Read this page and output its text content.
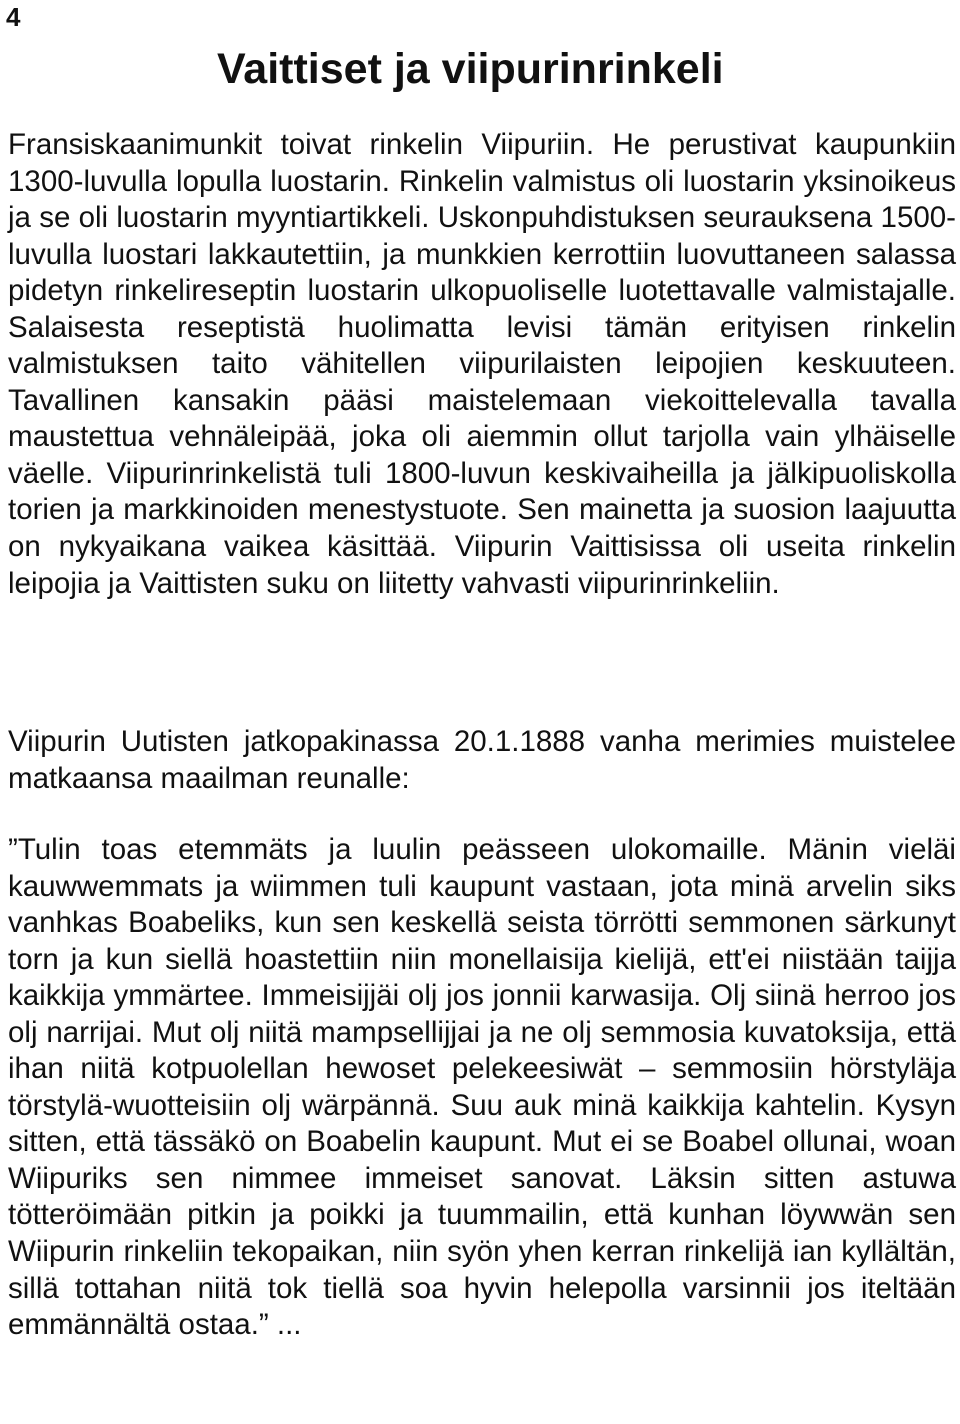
4
Vaittiset ja viipurinrinkeli

Fransiskaanimunkit toivat rinkelin Viipuriin. He perustivat kaupunkiin 1300-luvulla lopulla luostarin. Rinkelin valmistus oli luostarin yksinoikeus ja se oli luostarin myyntiartikkeli. Uskonpuhdistuksen seurauksena 1500-luvulla luostari lakkautettiin, ja munkkien kerrottiin luovuttaneen salassa pidetyn rinkelireseptin luostarin ulkopuoliselle luotettavalle valmistajalle. Salaisesta reseptistä huolimatta levisi tämän erityisen rinkelin valmistuksen taito vähitellen viipurilaisten leipojien keskuuteen. Tavallinen kansakin pääsi maistelemaan viekoittelevalla tavalla maustettua vehnäleipää, joka oli aiemmin ollut tarjolla vain ylhäiselle väelle. Viipurinrinkelistä tuli 1800-luvun keskivaiheilla ja jälkipuoliskolla torien ja markkinoiden menestystuote. Sen mainetta ja suosion laajuutta on nykyaikana vaikea käsittää. Viipurin Vaittisissa oli useita rinkelin leipojia ja Vaittisten suku on liitetty vahvasti viipurinrinkeliin.

Viipurin Uutisten jatkopakinassa 20.1.1888 vanha merimies muistelee matkaansa maailman reunalle:

”Tulin toas etemmäts ja luulin peässeen ulokomaille. Mänin vieläi kauwwemmats ja wiimmen tuli kaupunt vastaan, jota minä arvelin siks vanhkas Boabeliks, kun sen keskellä seista törrötti semmonen särkunyt torn ja kun siellä hoastettiin niin monellaisija kielijä, ett'ei niistään taijja kaikkija ymmärtee. Immeisijjäi olj jos jonnii karwasija. Olj siinä herroo jos olj narrijai. Mut olj niitä mampsellijjai ja ne olj semmosia kuvatoksija, että ihan niitä kotpuolellan hewoset pelekeesiwät – semmosiin hörstyläja törstylä-wuotteisiin olj wärpännä. Suu auk minä kaikkija kahtelin. Kysyn sitten, että tässäkö on Boabelin kaupunt. Mut ei se Boabel ollunai, woan Wiipuriks sen nimmee immeiset sanovat. Läksin sitten astuwa tötteröimään pitkin ja poikki ja tuummailin, että kunhan löywwän sen Wiipurin rinkeliin tekopaikan, niin syön yhen kerran rinkelijä ian kyllältän, sillä tottahan niitä tok tiellä soa hyvin helepolla varsinnii jos iteltään emmännältä ostaa.” ...
